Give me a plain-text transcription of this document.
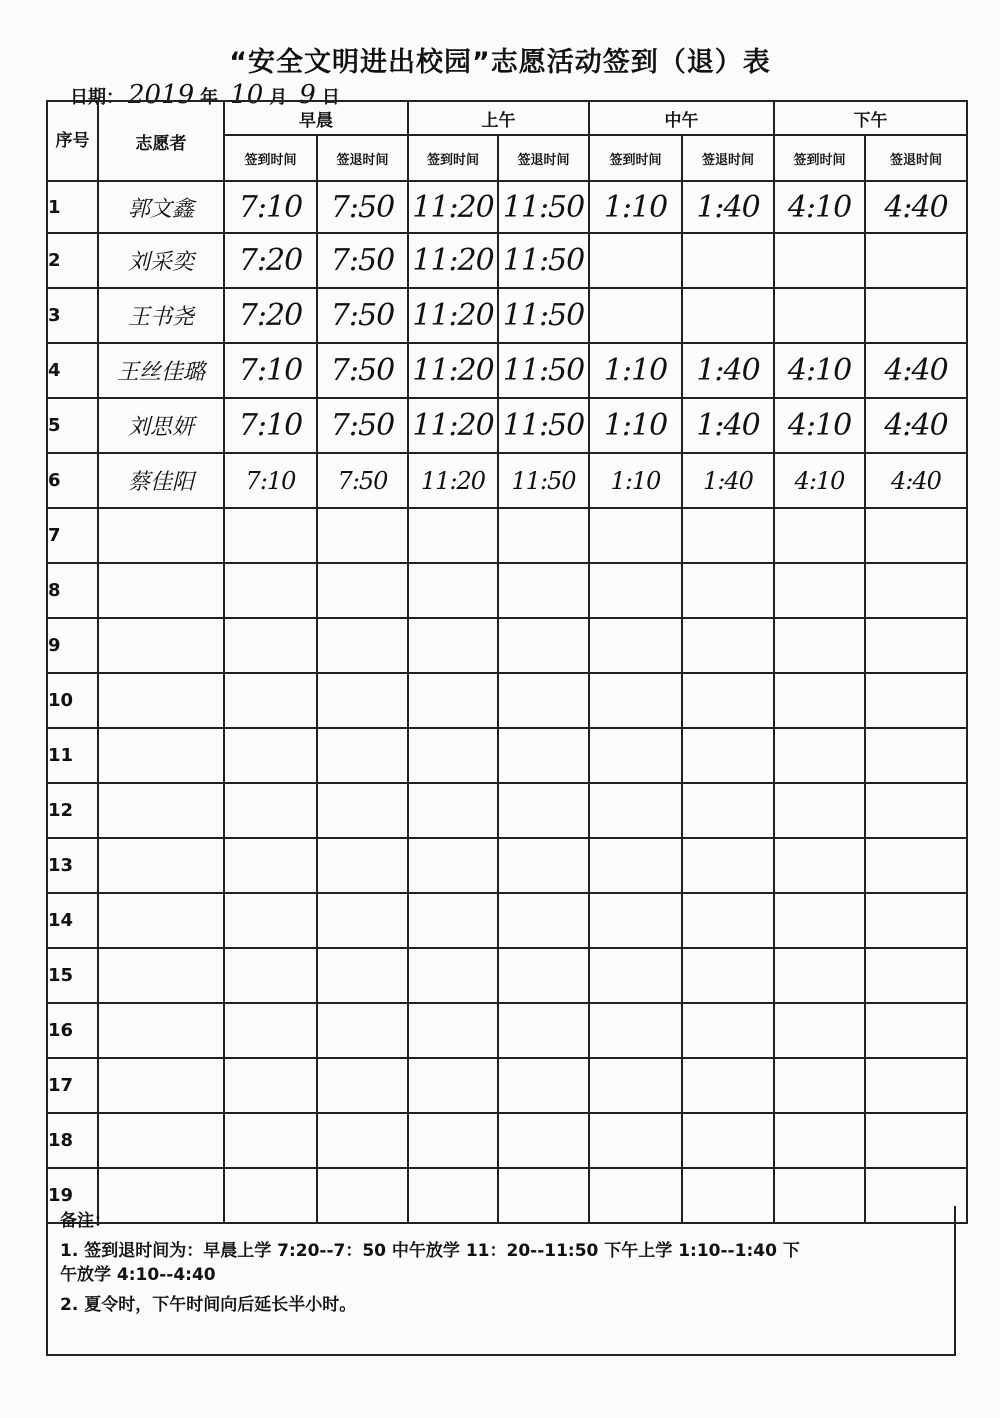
“安全文明进出校园”志愿活动签到（退）表
日期： 2019 年 10 月 9 日
序号	志愿者	早晨		上午		中午		下午	
		签到时间	签退时间	签到时间	签退时间	签到时间	签退时间	签到时间	签退时间
1	郭文鑫	7:10	7:50	11:20	11:50	1:10	1:40	4:10	4:40
2	刘采奕	7:20	7:50	11:20	11:50				
3	王书尧	7:20	7:50	11:20	11:50				
4	王丝佳璐	7:10	7:50	11:20	11:50	1:10	1:40	4:10	4:40
5	刘思妍	7:10	7:50	11:20	11:50	1:10	1:40	4:10	4:40
6	蔡佳阳	7:10	7:50	11:20	11:50	1:10	1:40	4:10	4:40
7									
8									
9									
10									
11									
12									
13									
14									
15									
16									
17									
18									
19									

备注：

1. 签到退时间为：早晨上学 7:20--7：50 中午放学 11：20--11:50 下午上学 1:10--1:40 下

午放学 4:10--4:40

2. 夏令时，下午时间向后延长半小时。
